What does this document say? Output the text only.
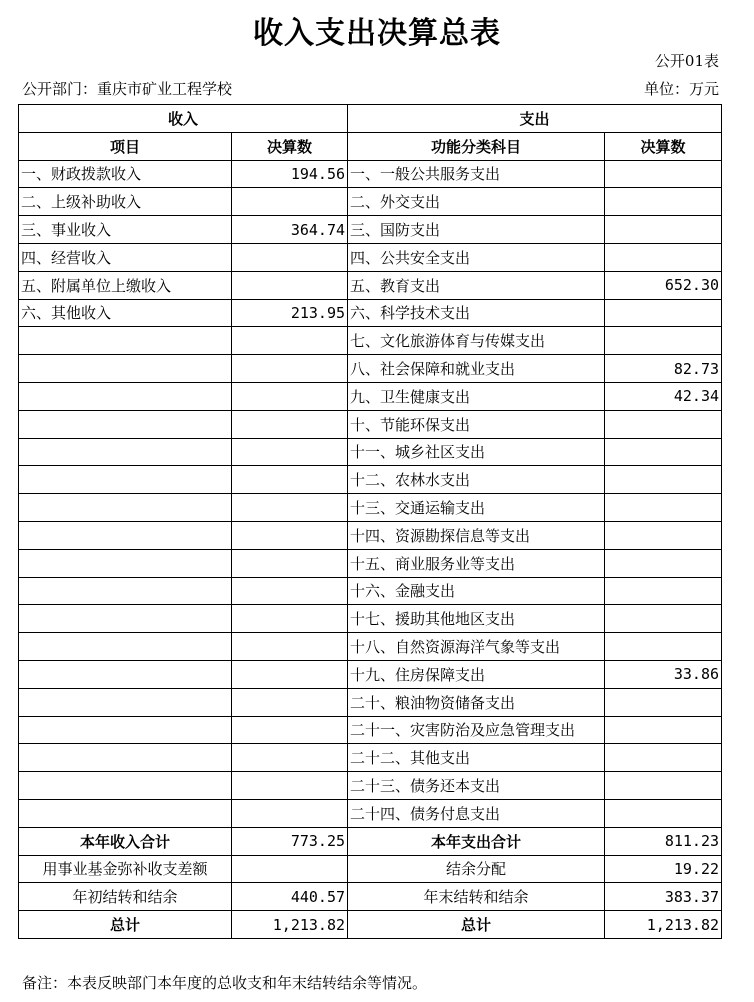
收入支出决算总表
公开01表
公开部门：重庆市矿业工程学校	单位：万元
收入		支出	
项目	决算数	功能分类科目	决算数
一、财政拨款收入	194.56	一、一般公共服务支出	
二、上级补助收入		二、外交支出	
三、事业收入	364.74	三、国防支出	
四、经营收入		四、公共安全支出	
五、附属单位上缴收入		五、教育支出	652.30
六、其他收入	213.95	六、科学技术支出	
		七、文化旅游体育与传媒支出	
		八、社会保障和就业支出	82.73
		九、卫生健康支出	42.34
		十、节能环保支出	
		十一、城乡社区支出	
		十二、农林水支出	
		十三、交通运输支出	
		十四、资源勘探信息等支出	
		十五、商业服务业等支出	
		十六、金融支出	
		十七、援助其他地区支出	
		十八、自然资源海洋气象等支出	
		十九、住房保障支出	33.86
		二十、粮油物资储备支出	
		二十一、灾害防治及应急管理支出	
		二十二、其他支出	
		二十三、债务还本支出	
		二十四、债务付息支出	
本年收入合计	773.25	本年支出合计	811.23
用事业基金弥补收支差额		结余分配	19.22
年初结转和结余	440.57	年末结转和结余	383.37
总计	1,213.82	总计	1,213.82
备注：本表反映部门本年度的总收支和年末结转结余等情况。
